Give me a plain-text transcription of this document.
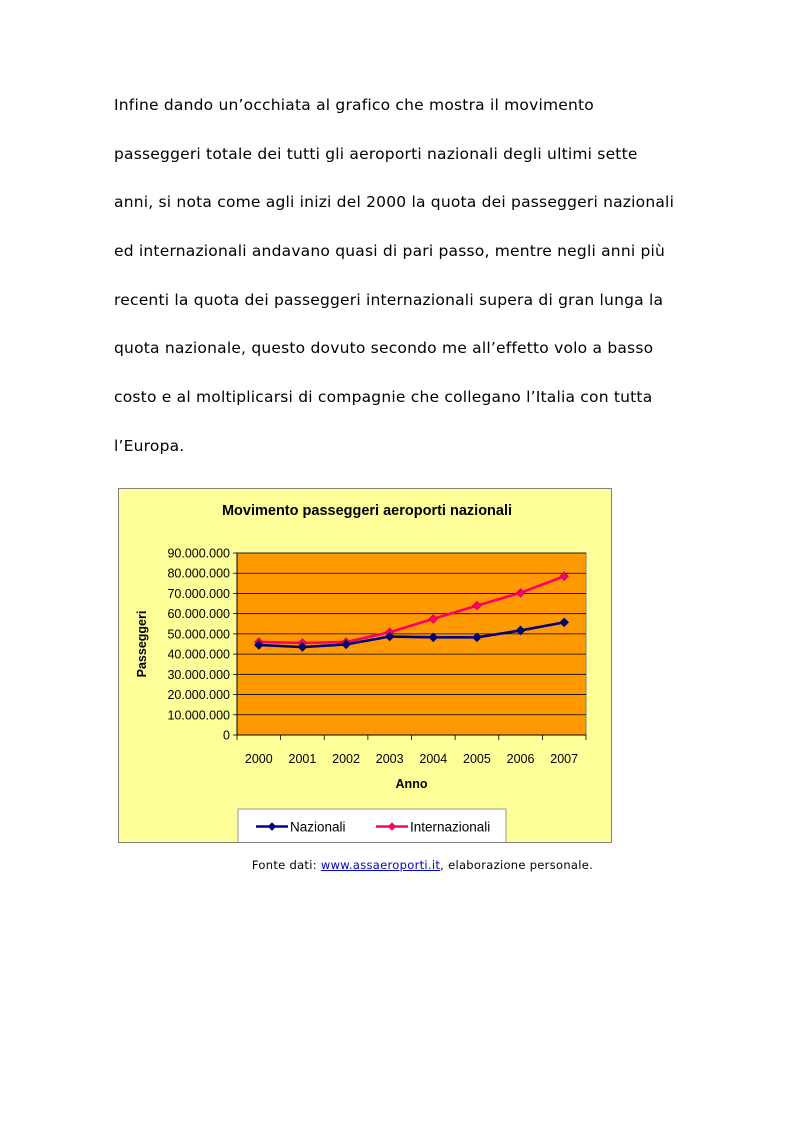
Infine dando un’occhiata al grafico che mostra il movimento
passeggeri totale dei tutti gli aeroporti nazionali degli ultimi sette
anni, si nota come agli inizi del 2000 la quota dei passeggeri nazionali
ed internazionali andavano quasi di pari passo, mentre negli anni più
recenti la quota dei passeggeri internazionali supera di gran lunga la
quota nazionale, questo dovuto secondo me all’effetto volo a basso
costo e al moltiplicarsi di compagnie che collegano l’Italia con tutta
l’Europa.
Movimento passeggeri aeroporti nazionali
0
10.000.000
20.000.000
30.000.000
40.000.000
50.000.000
60.000.000
70.000.000
80.000.000
90.000.000
2000 2001 2002 2003 2004 2005 2006 2007
Anno
Passeggeri
Nazionali	Internazionali
Fonte dati: www.assaeroporti.it, elaborazione personale.
